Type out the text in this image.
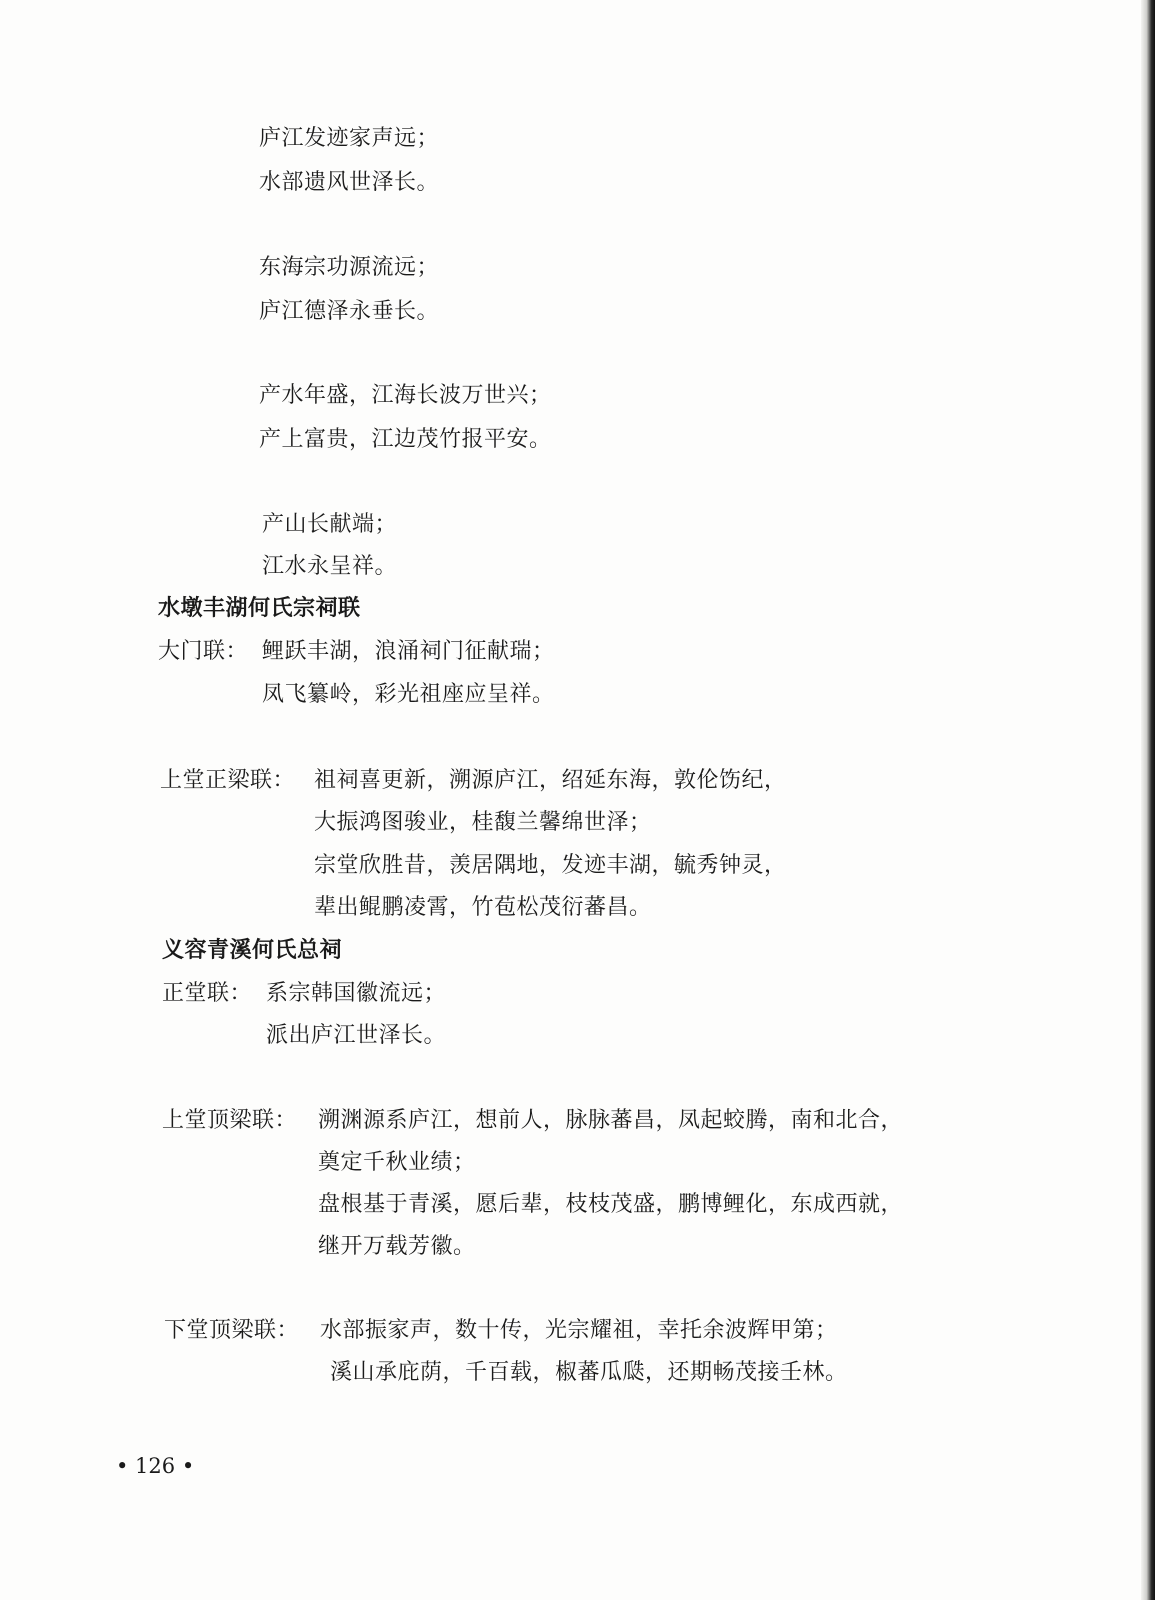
庐江发迹家声远；
水部遗风世泽长。
东海宗功源流远；
庐江德泽永垂长。
产水年盛，江海长波万世兴；
产上富贵，江边茂竹报平安。
产山长献端；
江水永呈祥。
水墩丰湖何氏宗祠联
大门联： 鲤跃丰湖，浪涌祠门征献瑞；
凤飞纂岭，彩光祖座应呈祥。
上堂正梁联： 祖祠喜更新，溯源庐江，绍延东海，敦伦饬纪，
大振鸿图骏业，桂馥兰馨绵世泽；
宗堂欣胜昔，羡居隅地，发迹丰湖，毓秀钟灵，
辈出鲲鹏凌霄，竹苞松茂衍蕃昌。
义容青溪何氏总祠
正堂联： 系宗韩国徽流远；
派出庐江世泽长。
上堂顶梁联： 溯渊源系庐江，想前人，脉脉蕃昌，凤起蛟腾，南和北合，
奠定千秋业绩；
盘根基于青溪，愿后辈，枝枝茂盛，鹏博鲤化，东成西就，
继开万载芳徽。
下堂顶梁联： 水部振家声，数十传，光宗耀祖，幸托余波辉甲第；
溪山承庇荫，千百载，椒蕃瓜瓞，还期畅茂接壬林。
• 126 •
